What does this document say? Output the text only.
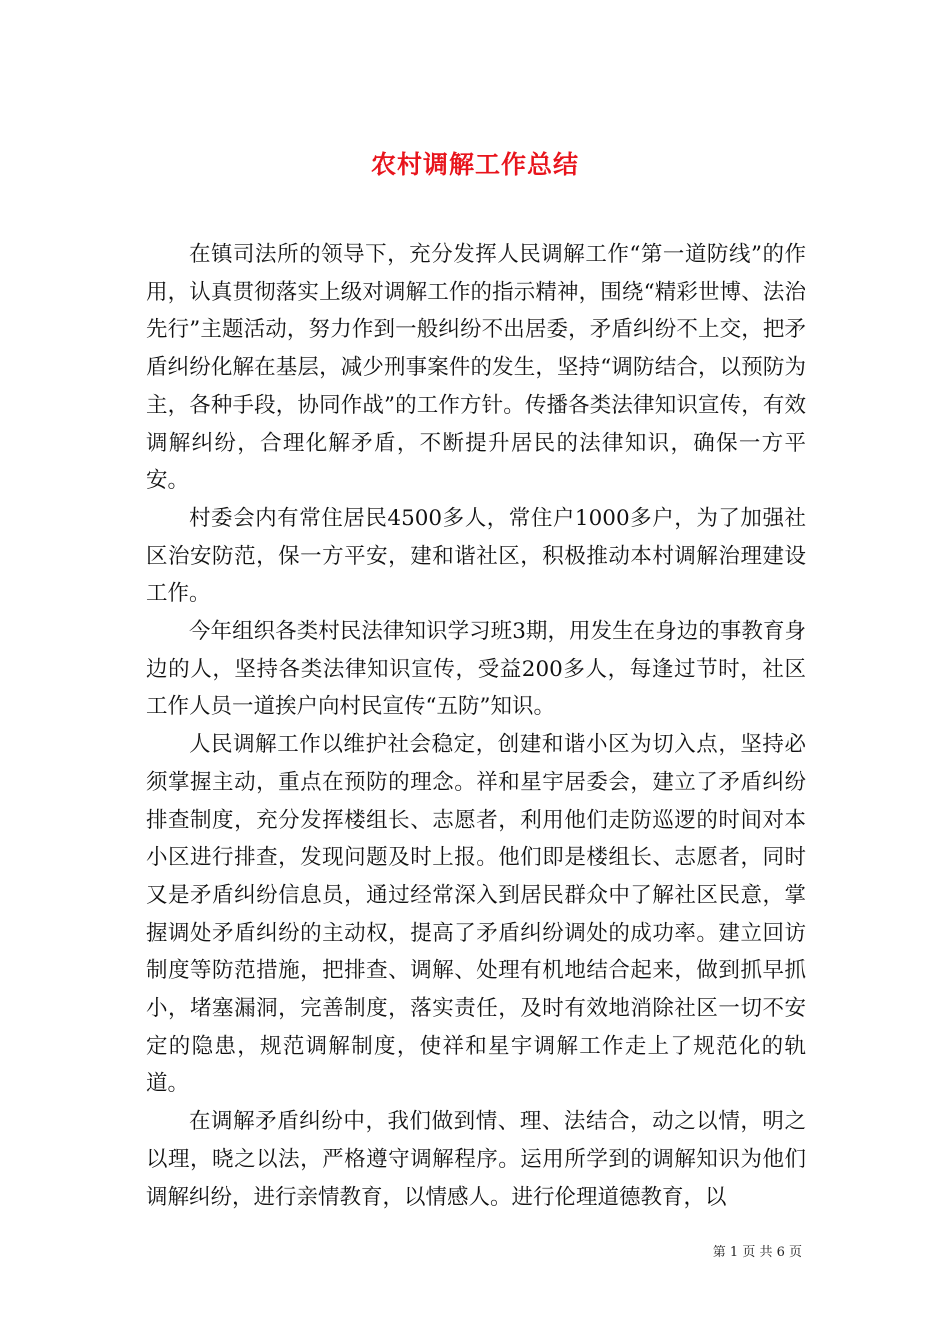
农村调解工作总结

在镇司法所的领导下，充分发挥人民调解工作“第一道防线”的作用，认真贯彻落实上级对调解工作的指示精神，围绕“精彩世博、法治先行”主题活动，努力作到一般纠纷不出居委，矛盾纠纷不上交，把矛盾纠纷化解在基层，减少刑事案件的发生，坚持“调防结合，以预防为主，各种手段，协同作战”的工作方针。传播各类法律知识宣传，有效调解纠纷，合理化解矛盾，不断提升居民的法律知识，确保一方平安。

村委会内有常住居民4500多人，常住户1000多户，为了加强社区治安防范，保一方平安，建和谐社区，积极推动本村调解治理建设工作。

今年组织各类村民法律知识学习班3期，用发生在身边的事教育身边的人，坚持各类法律知识宣传，受益200多人，每逢过节时，社区工作人员一道挨户向村民宣传“五防”知识。

人民调解工作以维护社会稳定，创建和谐小区为切入点，坚持必须掌握主动，重点在预防的理念。祥和星宇居委会，建立了矛盾纠纷排查制度，充分发挥楼组长、志愿者，利用他们走防巡逻的时间对本小区进行排查，发现问题及时上报。他们即是楼组长、志愿者，同时又是矛盾纠纷信息员，通过经常深入到居民群众中了解社区民意，掌握调处矛盾纠纷的主动权，提高了矛盾纠纷调处的成功率。建立回访制度等防范措施，把排查、调解、处理有机地结合起来，做到抓早抓小，堵塞漏洞，完善制度，落实责任，及时有效地消除社区一切不安定的隐患，规范调解制度，使祥和星宇调解工作走上了规范化的轨道。

在调解矛盾纠纷中，我们做到情、理、法结合，动之以情，明之以理，晓之以法，严格遵守调解程序。运用所学到的调解知识为他们调解纠纷，进行亲情教育，以情感人。进行伦理道德教育，以

第 1 页 共 6 页
